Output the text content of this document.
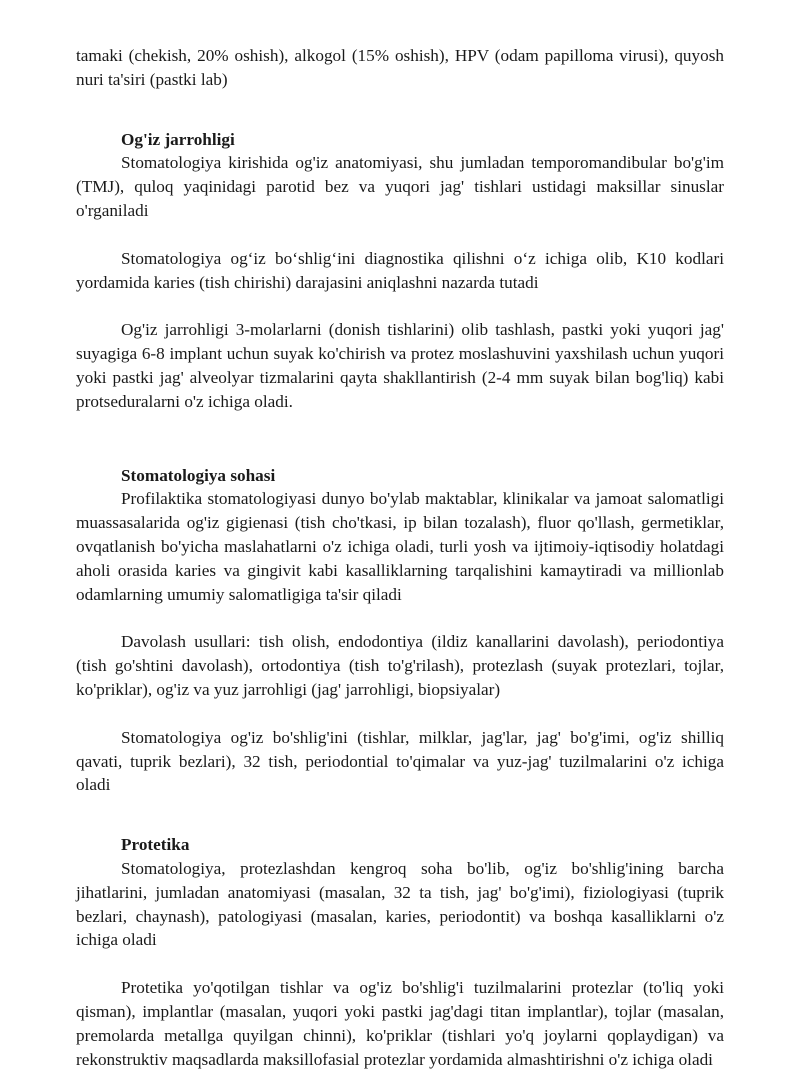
tamaki (chekish, 20% oshish), alkogol (15% oshish), HPV (odam papilloma virusi), quyosh nuri ta'siri (pastki lab)

Og'iz jarrohligi

Stomatologiya kirishida og'iz anatomiyasi, shu jumladan temporomandibular bo'g'im (TMJ), quloq yaqinidagi parotid bez va yuqori jag' tishlari ustidagi maksillar sinuslar o'rganiladi

Stomatologiya og‘iz bo‘shlig‘ini diagnostika qilishni o‘z ichiga olib, K10 kodlari yordamida karies (tish chirishi) darajasini aniqlashni nazarda tutadi

Og'iz jarrohligi 3-molarlarni (donish tishlarini) olib tashlash, pastki yoki yuqori jag' suyagiga 6-8 implant uchun suyak ko'chirish va protez moslashuvini yaxshilash uchun yuqori yoki pastki jag' alveolyar tizmalarini qayta shakllantirish (2-4 mm suyak bilan bog'liq) kabi protseduralarni o'z ichiga oladi.

Stomatologiya sohasi

Profilaktika stomatologiyasi dunyo bo'ylab maktablar, klinikalar va jamoat salomatligi muassasalarida og'iz gigienasi (tish cho'tkasi, ip bilan tozalash), fluor qo'llash, germetiklar, ovqatlanish bo'yicha maslahatlarni o'z ichiga oladi, turli yosh va ijtimoiy-iqtisodiy holatdagi aholi orasida karies va gingivit kabi kasalliklarning tarqalishini kamaytiradi va millionlab odamlarning umumiy salomatligiga ta'sir qiladi

Davolash usullari: tish olish, endodontiya (ildiz kanallarini davolash), periodontiya (tish go'shtini davolash), ortodontiya (tish to'g'rilash), protezlash (suyak protezlari, tojlar, ko'priklar), og'iz va yuz jarrohligi (jag' jarrohligi, biopsiyalar)

Stomatologiya og'iz bo'shlig'ini (tishlar, milklar, jag'lar, jag' bo'g'imi, og'iz shilliq qavati, tuprik bezlari), 32 tish, periodontial to'qimalar va yuz-jag' tuzilmalarini o'z ichiga oladi

Protetika

Stomatologiya, protezlashdan kengroq soha bo'lib, og'iz bo'shlig'ining barcha jihatlarini, jumladan anatomiyasi (masalan, 32 ta tish, jag' bo'g'imi), fiziologiyasi (tuprik bezlari, chaynash), patologiyasi (masalan, karies, periodontit) va boshqa kasalliklarni o'z ichiga oladi

Protetika yo'qotilgan tishlar va og'iz bo'shlig'i tuzilmalarini protezlar (to'liq yoki qisman), implantlar (masalan, yuqori yoki pastki jag'dagi titan implantlar), tojlar (masalan, premolarda metallga quyilgan chinni), ko'priklar (tishlari yo'q joylarni qoplaydigan) va rekonstruktiv maqsadlarda maksillofasial protezlar yordamida almashtirishni o'z ichiga oladi
